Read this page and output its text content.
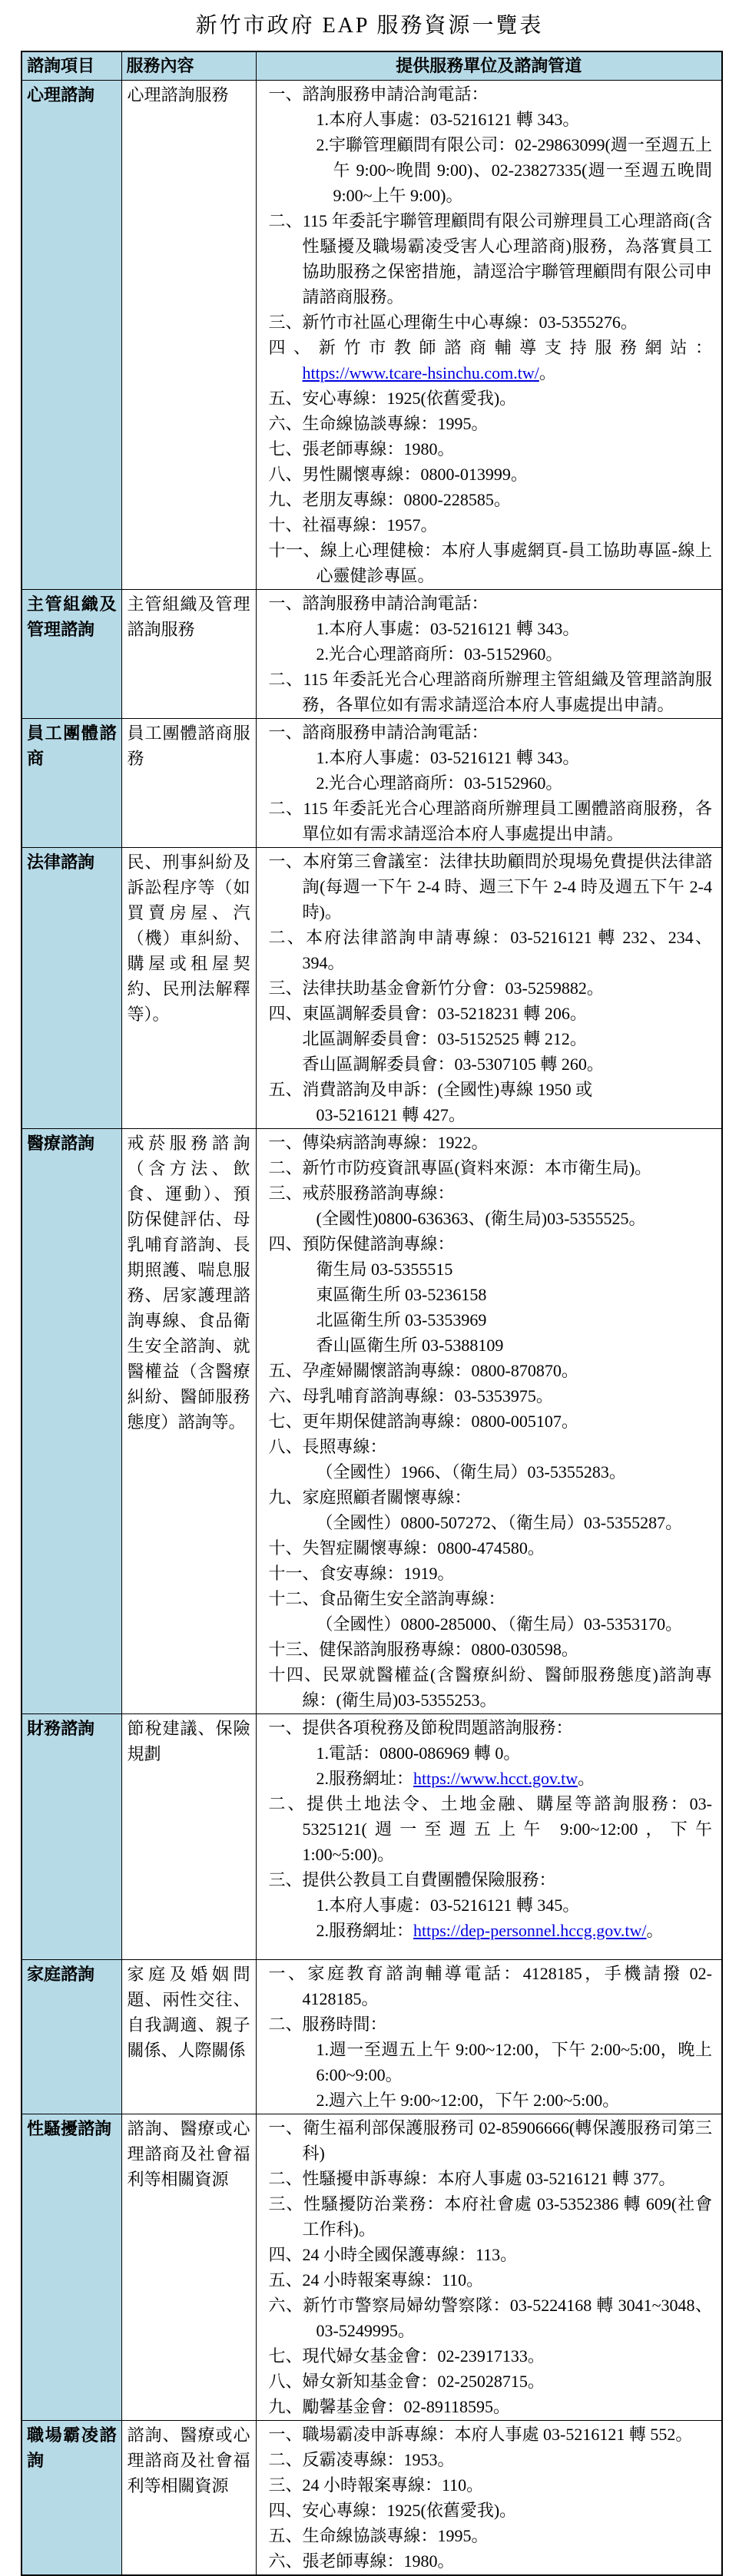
新竹市政府 EAP 服務資源一覽表
諮詢項目	服務內容	提供服務單位及諮詢管道
心理諮詢	心理諮詢服務	一、諮詢服務申請洽詢電話：
1.本府人事處：03-5216121 轉 343。
2.宇聯管理顧問有限公司：02-29863099(週一至週五上
午 9:00~晚間 9:00)、02-23827335(週一至週五晚間
9:00~上午 9:00)。
二、115 年委託宇聯管理顧問有限公司辦理員工心理諮商(含
性騷擾及職場霸凌受害人心理諮商)服務，為落實員工
協助服務之保密措施，請逕洽宇聯管理顧問有限公司申
請諮商服務。
三、新竹市社區心理衛生中心專線：03-5355276。
四、新竹市教師諮商輔導支持服務網站：
https://www.tcare-hsinchu.com.tw/。
五、安心專線：1925(依舊愛我)。
六、生命線協談專線：1995。
七、張老師專線：1980。
八、男性關懷專線：0800-013999。
九、老朋友專線：0800-228585。
十、社福專線：1957。
十一、線上心理健檢：本府人事處網頁-員工協助專區-線上
心靈健診專區。

主管組織及管理諮詢	主管組織及管理諮詢服務	一、諮詢服務申請洽詢電話：
1.本府人事處：03-5216121 轉 343。
2.光合心理諮商所：03-5152960。
二、115 年委託光合心理諮商所辦理主管組織及管理諮詢服
務，各單位如有需求請逕洽本府人事處提出申請。

員工團體諮商	員工團體諮商服務	一、諮商服務申請洽詢電話：
1.本府人事處：03-5216121 轉 343。
2.光合心理諮商所：03-5152960。
二、115 年委託光合心理諮商所辦理員工團體諮商服務，各
單位如有需求請逕洽本府人事處提出申請。

法律諮詢	民、刑事糾紛及訴訟程序等（如買賣房屋、汽（機）車糾紛、購屋或租屋契約、民刑法解釋等）。	
一、本府第三會議室：法律扶助顧問於現場免費提供法律諮
詢(每週一下午 2-4 時、週三下午 2-4 時及週五下午 2-4
時)。
二、本府法律諮詢申請專線：03-5216121 轉 232、234、
394。
三、法律扶助基金會新竹分會：03-5259882。
四、東區調解委員會：03-5218231 轉 206。
北區調解委員會：03-5152525 轉 212。
香山區調解委員會：03-5307105 轉 260。
五、消費諮詢及申訴：(全國性)專線 1950 或
03-5216121 轉 427。

醫療諮詢	戒菸服務諮詢（含方法、飲食、運動）、預防保健評估、母乳哺育諮詢、長期照護、喘息服務、居家護理諮詢專線、食品衛生安全諮詢、就醫權益（含醫療糾紛、醫師服務態度）諮詢等。	
一、傳染病諮詢專線：1922。
二、新竹市防疫資訊專區(資料來源：本市衛生局)。
三、戒菸服務諮詢專線：
(全國性)0800-636363、(衛生局)03-5355525。
四、預防保健諮詢專線：
衛生局 03-5355515
東區衛生所 03-5236158
北區衛生所 03-5353969
香山區衛生所 03-5388109
五、孕產婦關懷諮詢專線：0800-870870。
六、母乳哺育諮詢專線：03-5353975。
七、更年期保健諮詢專線：0800-005107。
八、長照專線：
（全國性）1966、（衛生局）03-5355283。
九、家庭照顧者關懷專線：
（全國性）0800-507272、（衛生局）03-5355287。
十、失智症關懷專線：0800-474580。
十一、食安專線：1919。
十二、食品衛生安全諮詢專線：
（全國性）0800-285000、（衛生局）03-5353170。
十三、健保諮詢服務專線：0800-030598。
十四、民眾就醫權益(含醫療糾紛、醫師服務態度)諮詢專
線：(衛生局)03-5355253。

財務諮詢	節稅建議、保險規劃	
一、提供各項稅務及節稅問題諮詢服務：
1.電話：0800-086969 轉 0。
2.服務網址：https://www.hcct.gov.tw。
二、提供土地法令、土地金融、購屋等諮詢服務：03-
5325121(週一至週五上午 9:00~12:00，下午
1:00~5:00)。
三、提供公教員工自費團體保險服務：
1.本府人事處：03-5216121 轉 345。
2.服務網址：https://dep-personnel.hccg.gov.tw/。

家庭諮詢	家庭及婚姻問題、兩性交往、自我調適、親子關係、人際關係	
一、家庭教育諮詢輔導電話：4128185，手機請撥 02-
4128185。
二、服務時間：
1.週一至週五上午 9:00~12:00，下午 2:00~5:00，晚上
6:00~9:00。
2.週六上午 9:00~12:00，下午 2:00~5:00。

性騷擾諮詢	諮詢、醫療或心理諮商及社會福利等相關資源	
一、衛生福利部保護服務司 02-85906666(轉保護服務司第三
科)
二、性騷擾申訴專線：本府人事處 03-5216121 轉 377。
三、性騷擾防治業務：本府社會處 03-5352386 轉 609(社會
工作科)。
四、24 小時全國保護專線：113。
五、24 小時報案專線：110。
六、新竹市警察局婦幼警察隊：03-5224168 轉 3041~3048、
03-5249995。
七、現代婦女基金會：02-23917133。
八、婦女新知基金會：02-25028715。
九、勵馨基金會：02-89118595。

職場霸凌諮詢	諮詢、醫療或心理諮商及社會福利等相關資源	
一、職場霸凌申訴專線：本府人事處 03-5216121 轉 552。
二、反霸凌專線：1953。
三、24 小時報案專線：110。
四、安心專線：1925(依舊愛我)。
五、生命線協談專線：1995。
六、張老師專線：1980。
